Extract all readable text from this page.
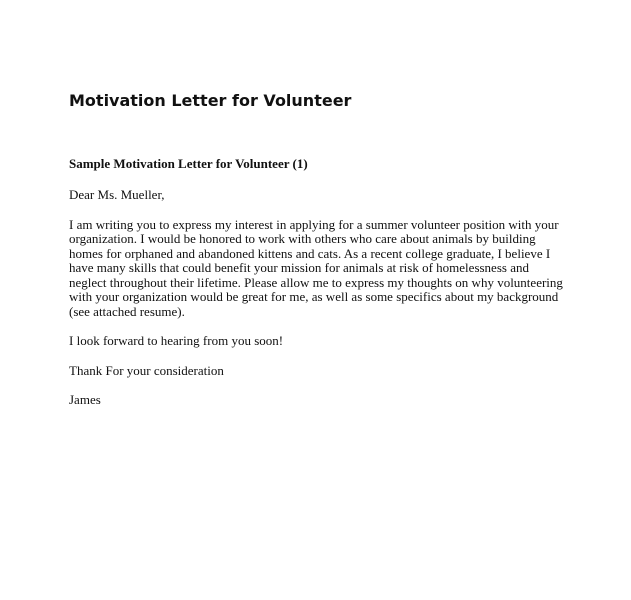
Motivation Letter for Volunteer
Sample Motivation Letter for Volunteer (1)

Dear Ms. Mueller,

I am writing you to express my interest in applying for a summer volunteer position with your organization. I would be honored to work with others who care about animals by building homes for orphaned and abandoned kittens and cats. As a recent college graduate, I believe I have many skills that could benefit your mission for animals at risk of homelessness and neglect throughout their lifetime. Please allow me to express my thoughts on why volunteering with your organization would be great for me, as well as some specifics about my background (see attached resume).

I look forward to hearing from you soon!

Thank For your consideration

James
